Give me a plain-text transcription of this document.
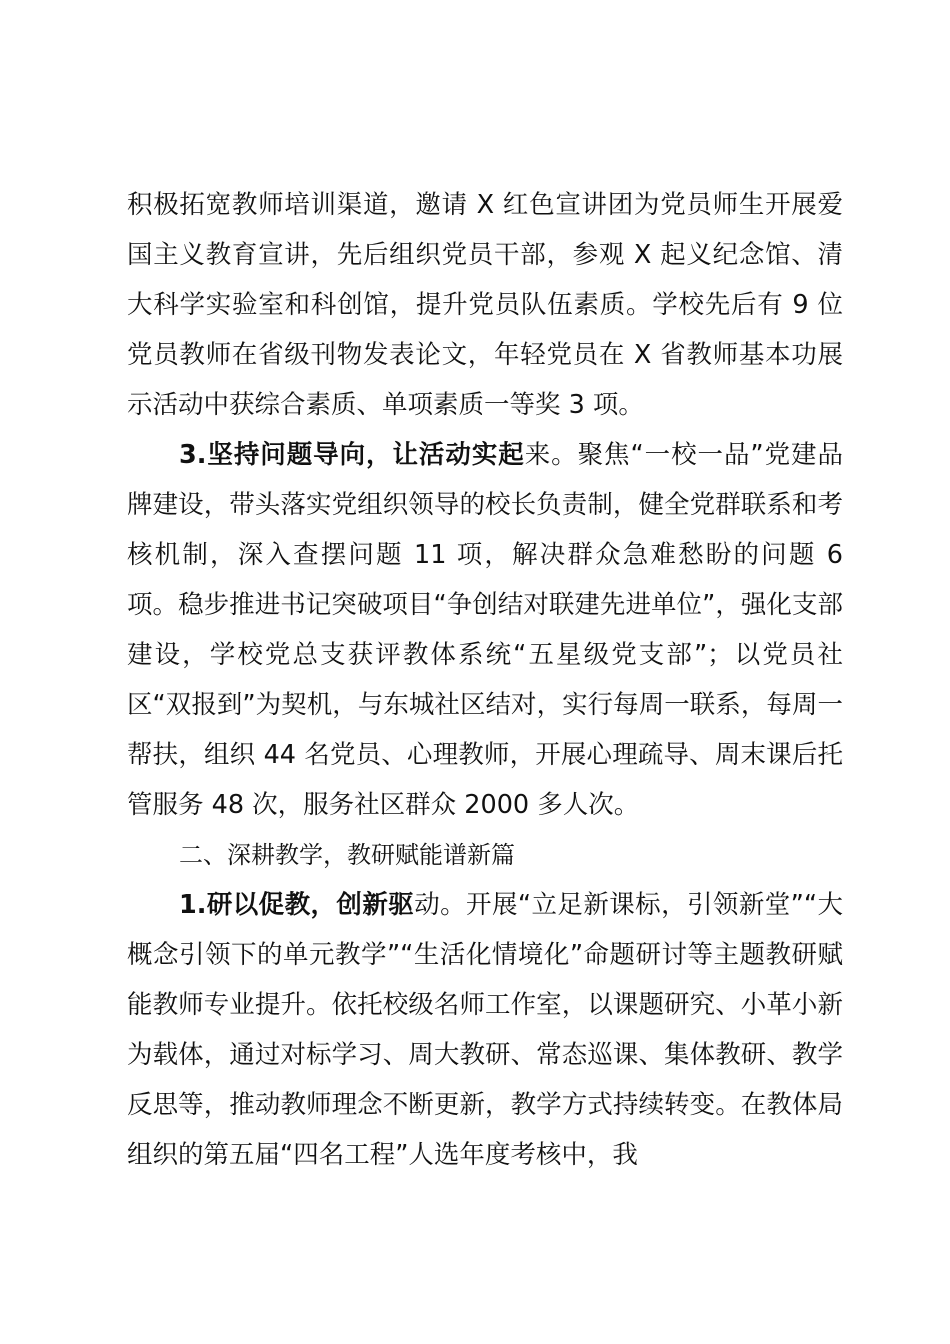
积极拓宽教师培训渠道，邀请 X 红色宣讲团为党员师生开展爱国主义教育宣讲，先后组织党员干部，参观 X 起义纪念馆、清大科学实验室和科创馆，提升党员队伍素质。学校先后有 9 位党员教师在省级刊物发表论文，年轻党员在 X 省教师基本功展示活动中获综合素质、单项素质一等奖 3 项。

3.坚持问题导向，让活动实起来。聚焦“一校一品”党建品牌建设，带头落实党组织领导的校长负责制，健全党群联系和考核机制，深入查摆问题 11 项，解决群众急难愁盼的问题 6 项。稳步推进书记突破项目“争创结对联建先进单位”，强化支部建设，学校党总支获评教体系统“五星级党支部”；以党员社区“双报到”为契机，与东城社区结对，实行每周一联系，每周一帮扶，组织 44 名党员、心理教师，开展心理疏导、周末课后托管服务 48 次，服务社区群众 2000 多人次。

二、深耕教学，教研赋能谱新篇

1.研以促教，创新驱动。开展“立足新课标，引领新堂”“大概念引领下的单元教学”“生活化情境化”命题研讨等主题教研赋能教师专业提升。依托校级名师工作室，以课题研究、小革小新为载体，通过对标学习、周大教研、常态巡课、集体教研、教学反思等，推动教师理念不断更新，教学方式持续转变。在教体局组织的第五届“四名工程”人选年度考核中，我
